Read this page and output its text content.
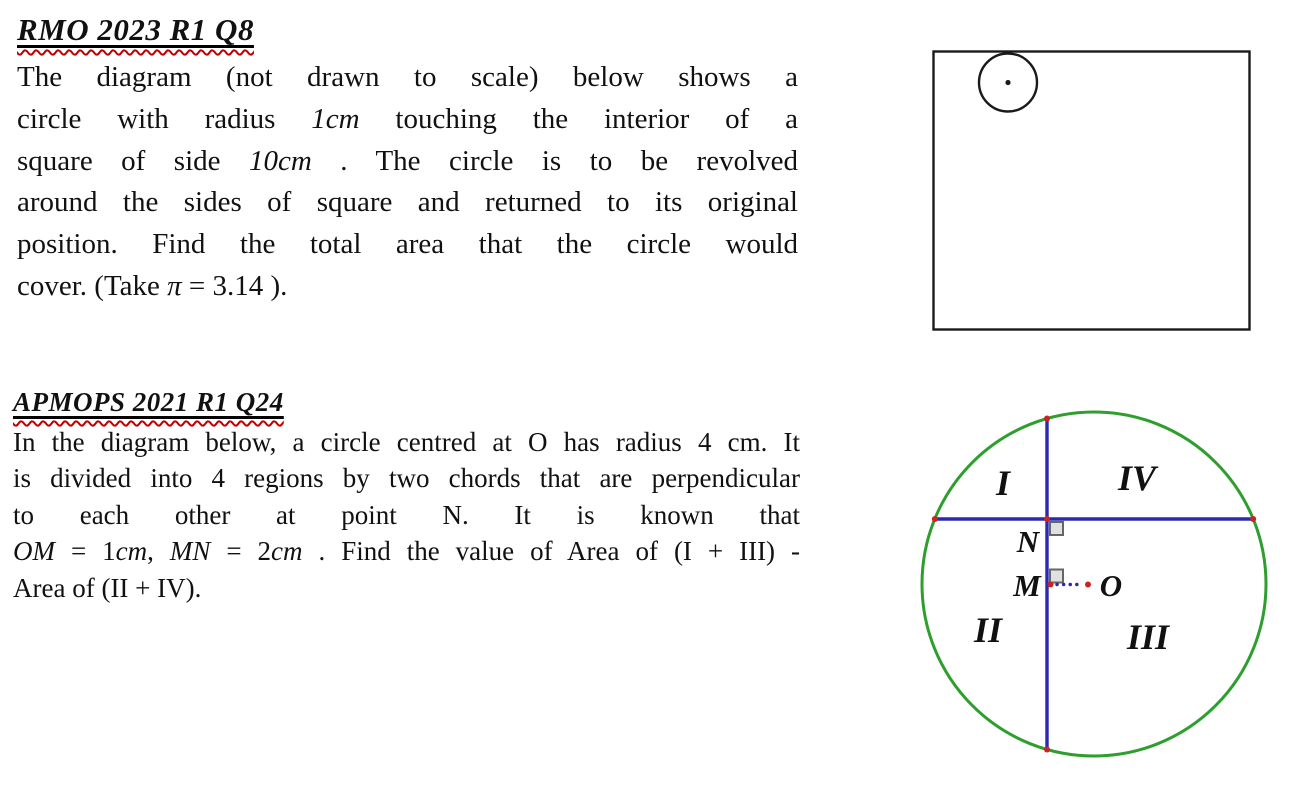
RMO 2023 R1 Q8
The diagram (not drawn to scale) below shows a
circle with radius 1cm touching the interior of a
square of side 10cm . The circle is to be revolved
around the sides of square and returned to its original
position. Find the total area that the circle would
cover. (Take π = 3.14 ).
APMOPS 2021 R1 Q24
In the diagram below, a circle centred at O has radius 4 cm. It
is divided into 4 regions by two chords that are perpendicular
to each other at point N. It is known that
OM = 1cm, MN = 2cm . Find the value of Area of (I + III) -
Area of (II + IV).
I	IV
II	III
N
M O
